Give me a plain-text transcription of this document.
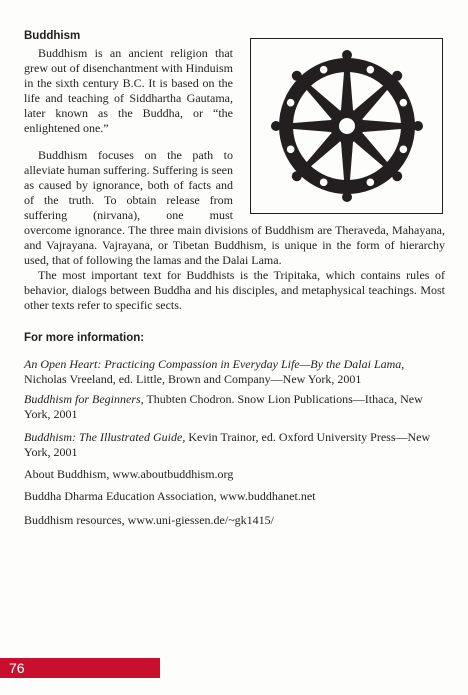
Buddhism

Buddhism is an ancient religion that grew out of disenchantment with Hinduism in the sixth century B.C. It is based on the life and teaching of Siddhartha Gautama, later known as the Buddha, or “the enlightened one.”

Buddhism focuses on the path to alleviate human suffering. Suffering is seen as caused by ignorance, both of facts and of the truth. To obtain release from suffering (nirvana), one must

overcome ignorance. The three main divisions of Buddhism are Theraveda, Mahayana, and Vajrayana. Vajrayana, or Tibetan Buddhism, is unique in the form of hierarchy used, that of following the lamas and the Dalai Lama.

The most important text for Buddhists is the Tripitaka, which contains rules of behavior, dialogs between Buddha and his disciples, and metaphysical teachings. Most other texts refer to specific sects.

For more information:

An Open Heart: Practicing Compassion in Everyday Life—By the Dalai Lama,
Nicholas Vreeland, ed. Little, Brown and Company—New York, 2001

Buddhism for Beginners, Thubten Chodron. Snow Lion Publications—Ithaca, New York, 2001

Buddhism: The Illustrated Guide, Kevin Trainor, ed. Oxford University Press—New York, 2001

About Buddhism, www.aboutbuddhism.org

Buddha Dharma Education Association, www.buddhanet.net

Buddhism resources, www.uni-giessen.de/~gk1415/

76
